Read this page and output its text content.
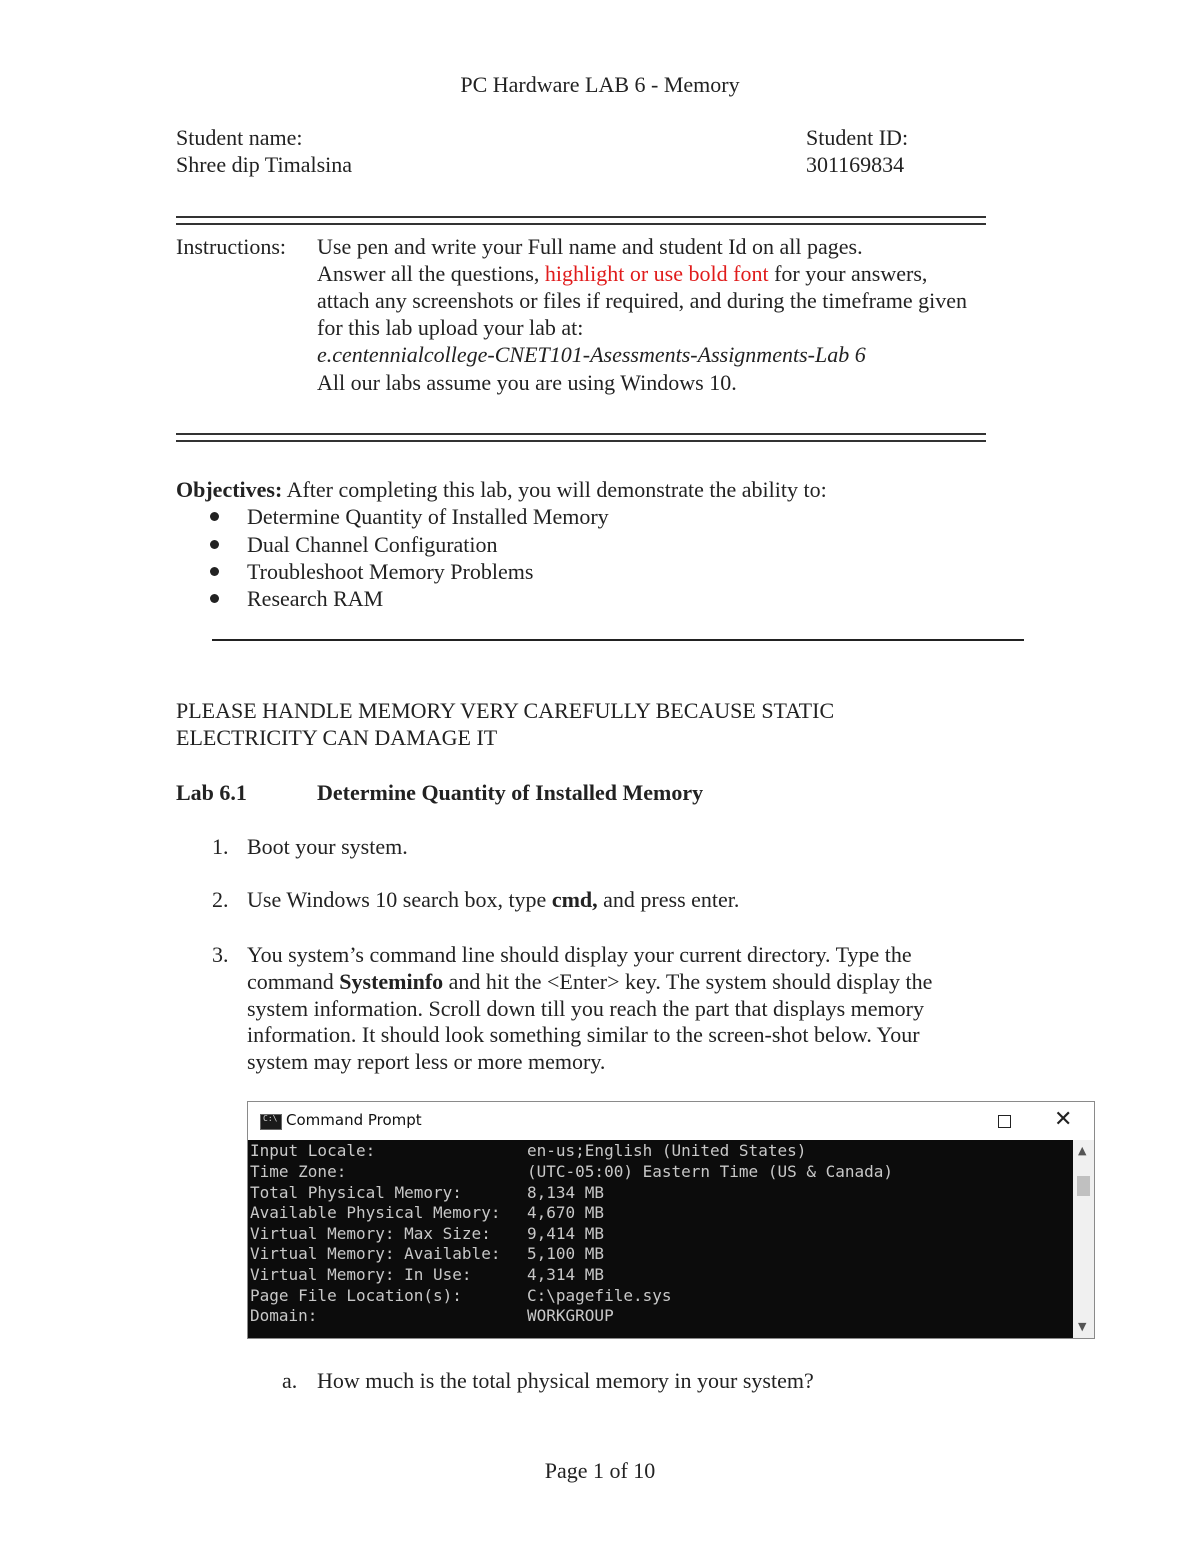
PC Hardware LAB 6 - Memory
Student name:
Shree dip Timalsina
Student ID:
301169834
Instructions: Use pen and write your Full name and student Id on all pages.
Answer all the questions, highlight or use bold font for your answers,
attach any screenshots or files if required, and during the timeframe given
for this lab upload your lab at:
e.centennialcollege-CNET101-Asessments-Assignments-Lab 6
All our labs assume you are using Windows 10.
Objectives: After completing this lab, you will demonstrate the ability to:
Determine Quantity of Installed Memory
Dual Channel Configuration
Troubleshoot Memory Problems
Research RAM
PLEASE HANDLE MEMORY VERY CAREFULLY BECAUSE STATIC
ELECTRICITY CAN DAMAGE IT
Lab 6.1	Determine Quantity of Installed Memory
1. Boot your system.
2. Use Windows 10 search box, type cmd, and press enter.
3. You system’s command line should display your current directory. Type the
command Systeminfo and hit the <Enter> key. The system should display the
system information. Scroll down till you reach the part that displays memory
information. It should look something similar to the screen-shot below. Your
system may report less or more memory.
C:\ Command Prompt	✕
Input Locale:	en-us;English (United States)
Time Zone:	(UTC-05:00) Eastern Time (US & Canada)
Total Physical Memory:	8,134 MB
Available Physical Memory: 4,670 MB
Virtual Memory: Max Size: 9,414 MB
Virtual Memory: Available: 5,100 MB
Virtual Memory: In Use:	4,314 MB
Page File Location(s):	C:\pagefile.sys
Domain:	WORKGROUP
▲
▼
a. How much is the total physical memory in your system?
Page 1 of 10
